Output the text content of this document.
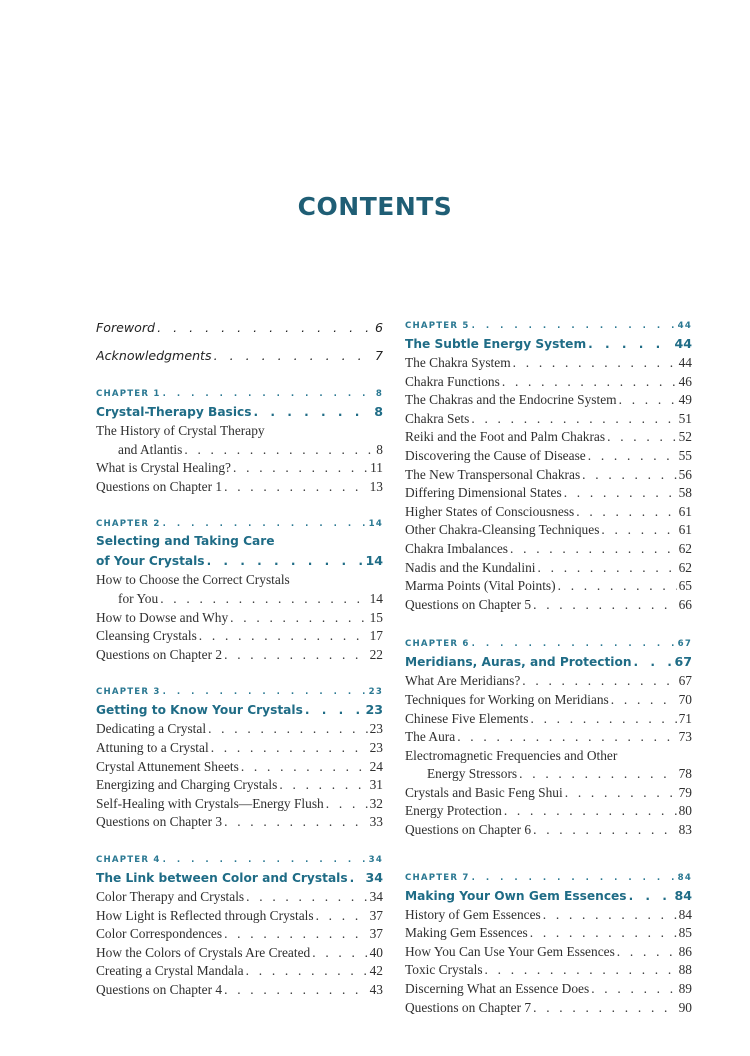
CONTENTS
Foreword . . .	6
Acknowledgments . . .	7
CHAPTER 1 . . .	8
Crystal-Therapy Basics . . .	8
The History of Crystal Therapy
and Atlantis . . .	8
What is Crystal Healing? . . .	11
Questions on Chapter 1 . . .	13
CHAPTER 2 . . .	14
Selecting and Taking Care
of Your Crystals . . .	14
How to Choose the Correct Crystals
for You . . .	14
How to Dowse and Why . . .	15
Cleansing Crystals . . .	17
Questions on Chapter 2 . . .	22
CHAPTER 3 . . .	23
Getting to Know Your Crystals . . .	23
Dedicating a Crystal . . .	23
Attuning to a Crystal . . .	23
Crystal Attunement Sheets . . .	24
Energizing and Charging Crystals . . .	31
Self-Healing with Crystals—Energy Flush . . .	32
Questions on Chapter 3 . . .	33
CHAPTER 4 . . .	34
The Link between Color and Crystals . . . 34
Color Therapy and Crystals . . .	34
How Light is Reflected through Crystals . . .	37
Color Correspondences . . .	37
How the Colors of Crystals Are Created . . .	40
Creating a Crystal Mandala . . .	42
Questions on Chapter 4 . . .	43
CHAPTER 5 . . .	44
The Subtle Energy System . . .	44
The Chakra System . . .	44
Chakra Functions . . .	46
The Chakras and the Endocrine System . . .	49
Chakra Sets . . .	51
Reiki and the Foot and Palm Chakras . . .	52
Discovering the Cause of Disease . . .	55
The New Transpersonal Chakras . . .	56
Differing Dimensional States . . .	58
Higher States of Consciousness . . .	61
Other Chakra-Cleansing Techniques . . .	61
Chakra Imbalances . . .	62
Nadis and the Kundalini . . .	62
Marma Points (Vital Points) . . .	65
Questions on Chapter 5 . . .	66
CHAPTER 6 . . .	67
Meridians, Auras, and Protection . . .	67
What Are Meridians? . . .	67
Techniques for Working on Meridians . . .	70
Chinese Five Elements . . .	71
The Aura . . .	73
Electromagnetic Frequencies and Other
Energy Stressors . . .	78
Crystals and Basic Feng Shui . . .	79
Energy Protection . . .	80
Questions on Chapter 6 . . .	83
CHAPTER 7 . . .	84
Making Your Own Gem Essences . . .	84
History of Gem Essences . . .	84
Making Gem Essences . . .	85
How You Can Use Your Gem Essences . . .	86
Toxic Crystals . . .	88
Discerning What an Essence Does . . .	89
Questions on Chapter 7 . . .	90
